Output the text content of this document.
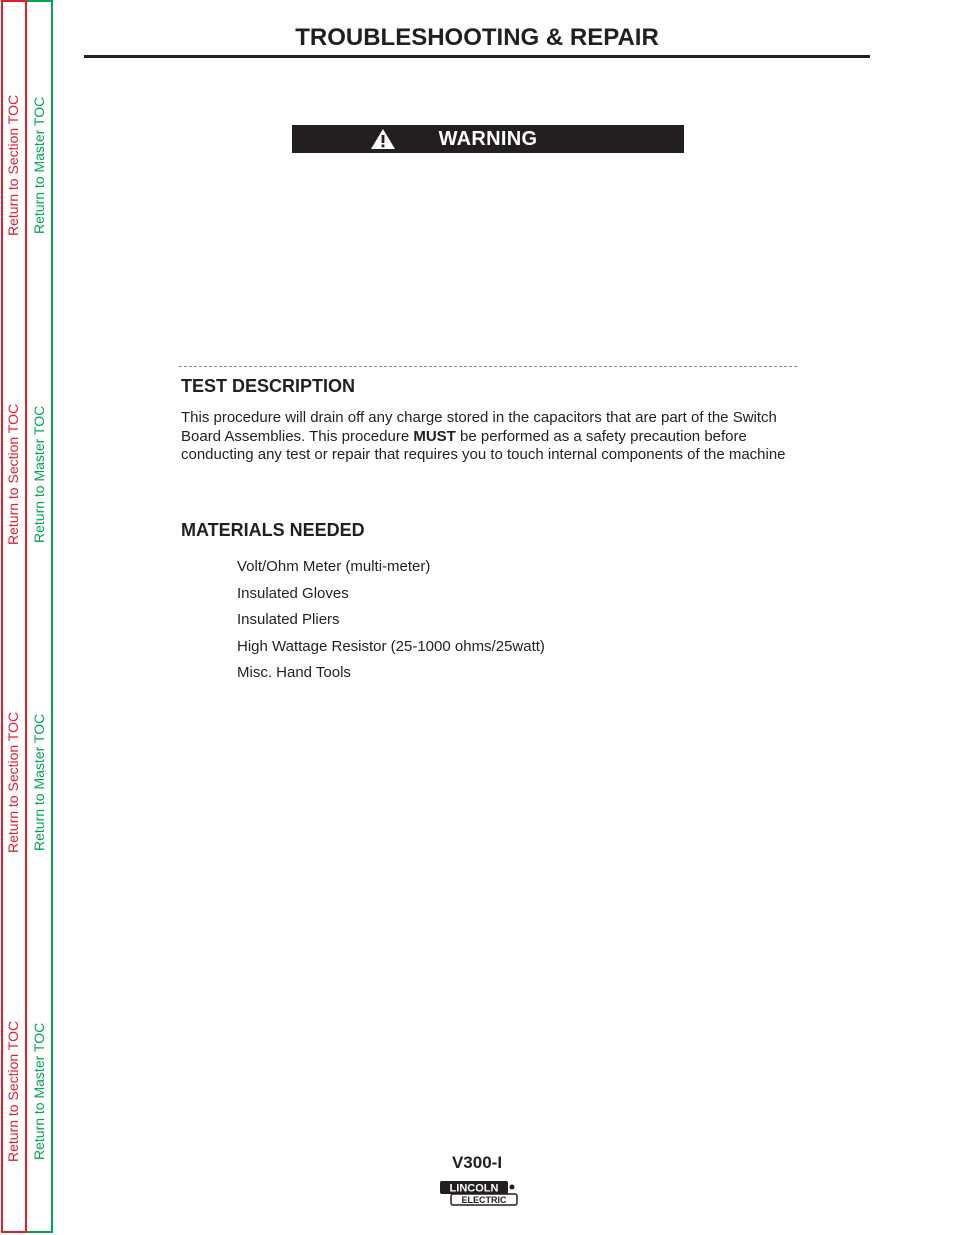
Return to Section TOC Return to Master TOC
Return to Section TOC Return to Master TOC
Return to Section TOC Return to Master TOC
Return to Section TOC Return to Master TOC
TROUBLESHOOTING & REPAIR
WARNING
TEST DESCRIPTION
This procedure will drain off any charge stored in the capacitors that are part of the Switch Board Assemblies. This procedure MUST be performed as a safety precaution before conducting any test or repair that requires you to touch internal components of the machine
MATERIALS NEEDED
Volt/Ohm Meter (multi-meter)
Insulated Gloves
Insulated Pliers
High Wattage Resistor (25-1000 ohms/25watt)
Misc. Hand Tools
V300-I
LINCOLN
ELECTRIC
